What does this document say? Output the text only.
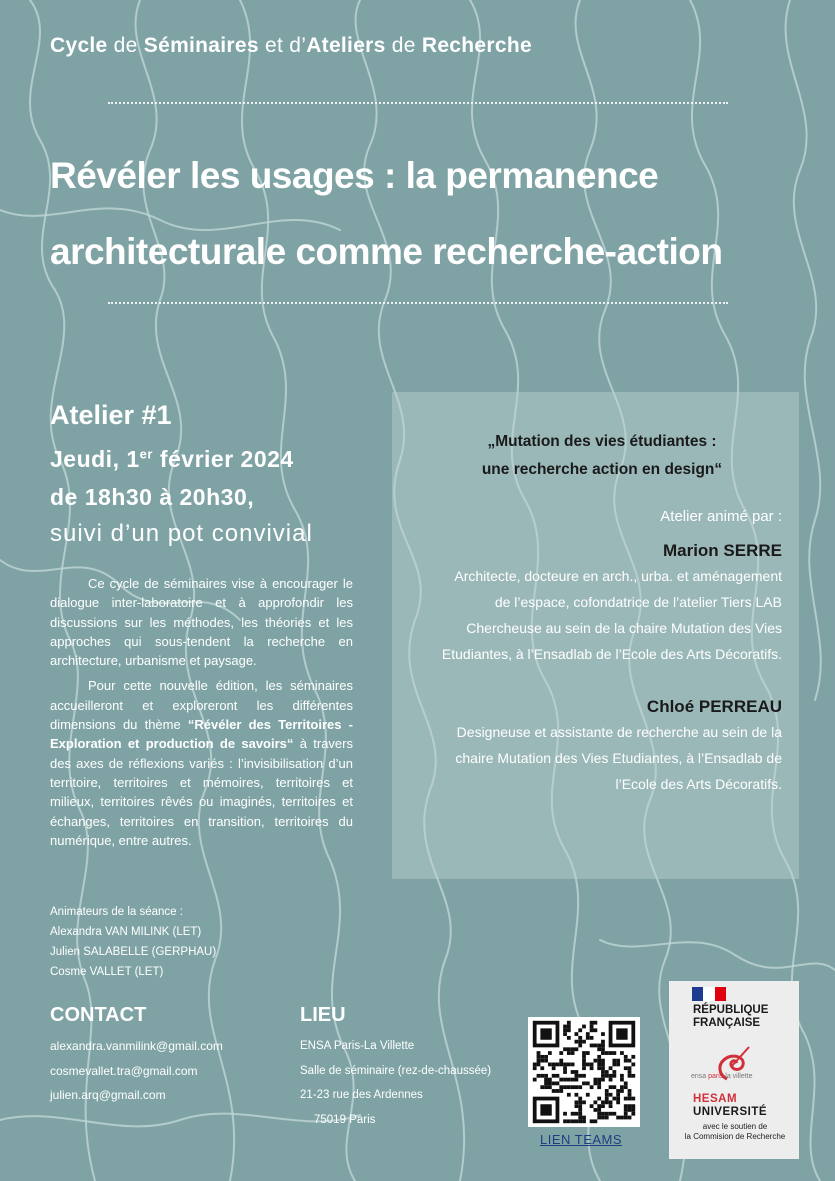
Cycle de Séminaires et d’Ateliers de Recherche
Révéler les usages : la permanence
architecturale comme recherche-action
Atelier #1
Jeudi, 1er février 2024
de 18h30 à 20h30,
suivi d’un pot convivial

Ce cycle de séminaires vise à encourager le dialogue inter-laboratoire et à approfondir les discussions sur les méthodes, les théories et les approches qui sous-tendent la recherche en architecture, urbanisme et paysage.

Pour cette nouvelle édition, les séminaires accueilleront et exploreront les différentes dimensions du thème “Révéler des Territoires - Exploration et production de savoirs“ à travers des axes de réflexions variés : l’invisibilisation d’un territoire, territoires et mémoires, territoires et milieux, territoires rêvés ou imaginés, territoires et échanges, territoires en transition, territoires du numérique, entre autres.

Animateurs de la séance :
Alexandra VAN MILINK (LET)
Julien SALABELLE (GERPHAU)
Cosme VALLET (LET)
„Mutation des vies étudiantes :
une recherche action en design“
Atelier animé par :
Marion SERRE
Architecte, docteure en arch., urba. et aménagement
de l’espace, cofondatrice de l’atelier Tiers LAB
Chercheuse au sein de la chaire Mutation des Vies
Etudiantes, à l’Ensadlab de l’Ecole des Arts Décoratifs.
Chloé PERREAU
Designeuse et assistante de recherche au sein de la
chaire Mutation des Vies Etudiantes, à l’Ensadlab de
l’Ecole des Arts Décoratifs.
CONTACT
alexandra.vanmilink@gmail.com
cosmevallet.tra@gmail.com
julien.arq@gmail.com
LIEU
ENSA Paris-La Villette
Salle de séminaire (rez-de-chaussée)
21-23 rue des Ardennes
75019 Paris
LIEN TEAMS
RÉPUBLIQUE
FRANÇAISE
ensa paris la villette
HESAM
UNIVERSITÉ
avec le soutien de
la Commision de Recherche
